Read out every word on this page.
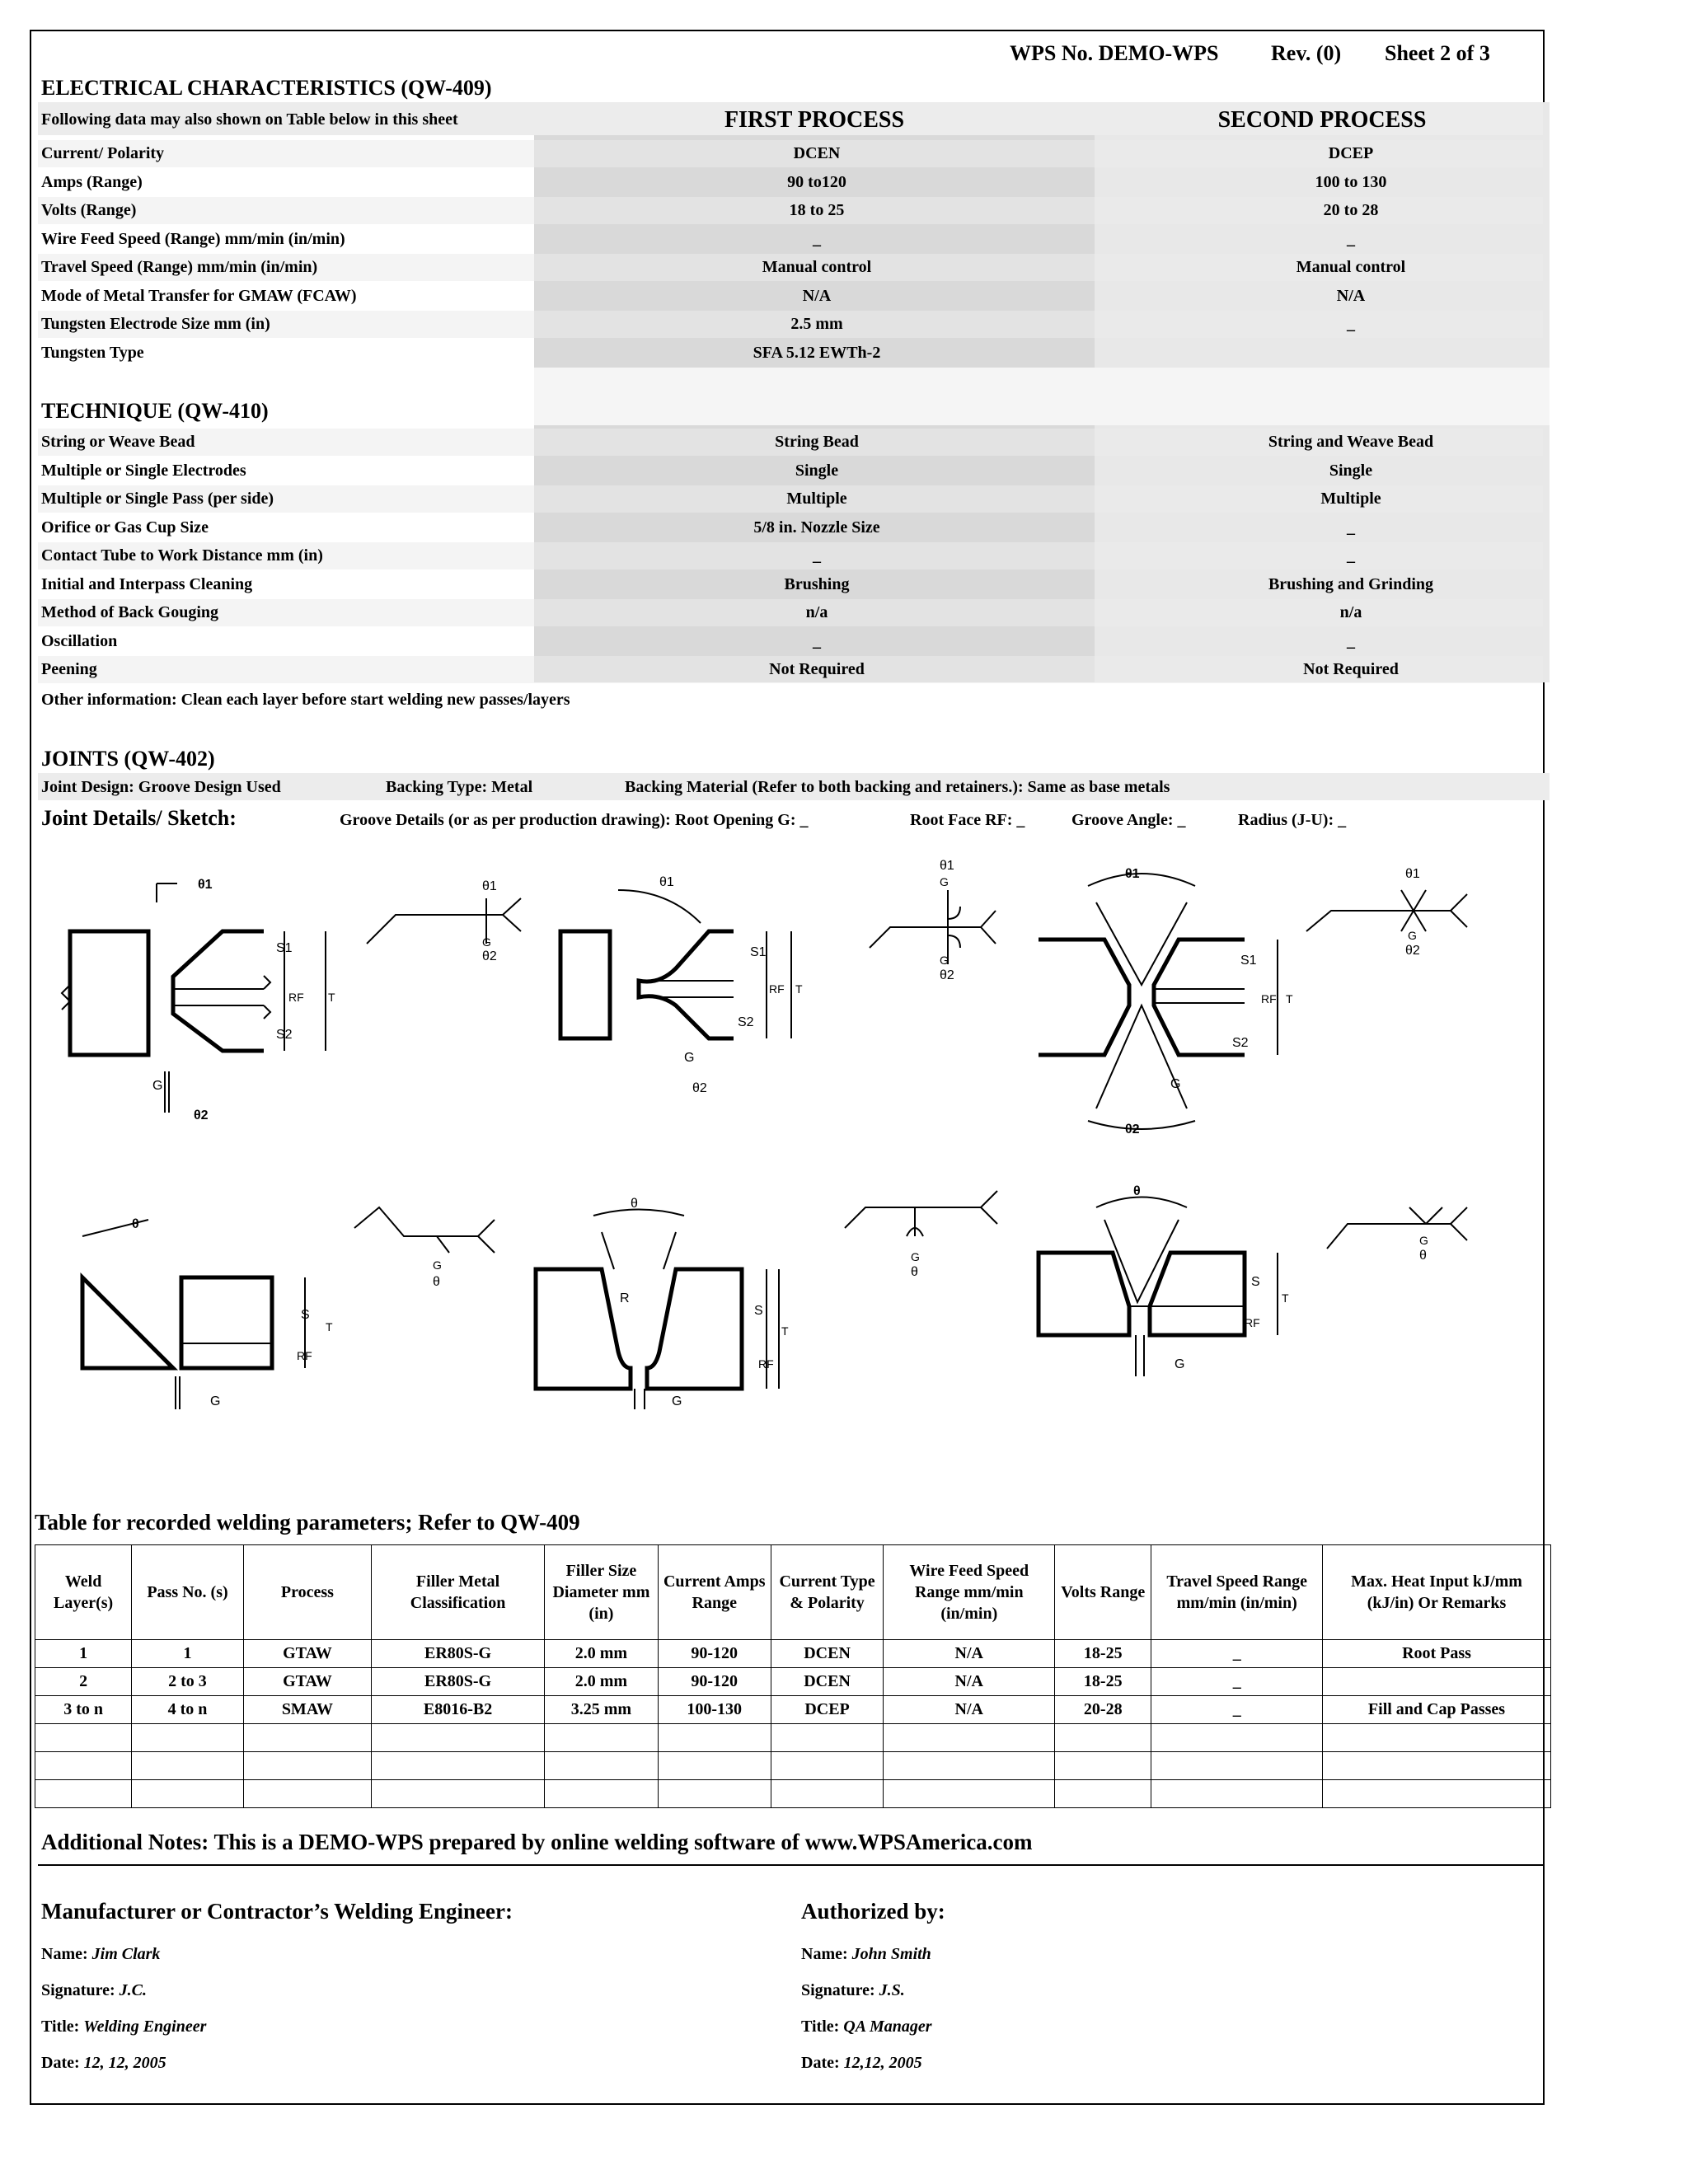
WPS No. DEMO-WPS Rev. (0) Sheet 2 of 3
ELECTRICAL CHARACTERISTICS (QW-409)
Following data may also shown on Table below in this sheet	FIRST PROCESS	SECOND PROCESS
Current/ Polarity	DCEN	DCEP
Amps (Range)	90 to120	100 to 130
Volts (Range)	18 to 25	20 to 28
Wire Feed Speed (Range) mm/min (in/min)	_	_
Travel Speed (Range) mm/min (in/min)	Manual control	Manual control
Mode of Metal Transfer for GMAW (FCAW)	N/A	N/A
Tungsten Electrode Size mm (in)	2.5 mm	_
Tungsten Type	SFA 5.12 EWTh-2
TECHNIQUE (QW-410)
String or Weave Bead	String Bead	String and Weave Bead
Multiple or Single Electrodes	Single	Single
Multiple or Single Pass (per side)	Multiple	Multiple
Orifice or Gas Cup Size	5/8 in. Nozzle Size	_
Contact Tube to Work Distance mm (in)	_	_
Initial and Interpass Cleaning	Brushing	Brushing and Grinding
Method of Back Gouging	n/a	n/a
Oscillation	_	_
Peening	Not Required	Not Required
Other information: Clean each layer before start welding new passes/layers
JOINTS (QW-402)
Joint Design: Groove Design Used	Backing Type: Metal	Backing Material (Refer to both backing and retainers.): Same as base metals
Joint Details/ Sketch:	Groove Details (or as per production drawing): Root Opening G: _	Root Face RF: _	Groove Angle: _	Radius (J-U): _
θ1
S1
RF T
S2
G
θ2
θ1
G
θ2
θ1
S1
RF T
S2
G
θ2
θ1
G
G
θ2
θ1
S1
RF T
S2
G
θ2
θ1
G
θ2
θ
S
RF
T
G
G
θ
θ
R
S
T
RF
G
G
θ
θ
S
T
RF
G
G
θ
Table for recorded welding parameters; Refer to QW-409
Weld Layer(s)	Pass No. (s)	Process	Filler Metal Classification	Filler Size Diameter mm (in)	Current Amps Range	Current Type & Polarity	Wire Feed Speed Range mm/min (in/min)	Volts Range	Travel Speed Range mm/min (in/min)	Max. Heat Input kJ/mm (kJ/in) Or Remarks
1	1	GTAW	ER80S-G	2.0 mm	90-120	DCEN	N/A	18-25	_	Root Pass
2	2 to 3	GTAW	ER80S-G	2.0 mm	90-120	DCEN	N/A	18-25	_	
3 to n	4 to n	SMAW	E8016-B2	3.25 mm	100-130	DCEP	N/A	20-28	_	Fill and Cap Passes

Additional Notes: This is a DEMO-WPS prepared by online welding software of www.WPSAmerica.com
Manufacturer or Contractor’s Welding Engineer:
Name: Jim Clark
Signature: J.C.
Title: Welding Engineer
Date: 12, 12, 2005
Authorized by:
Name: John Smith
Signature: J.S.
Title: QA Manager
Date: 12,12, 2005
